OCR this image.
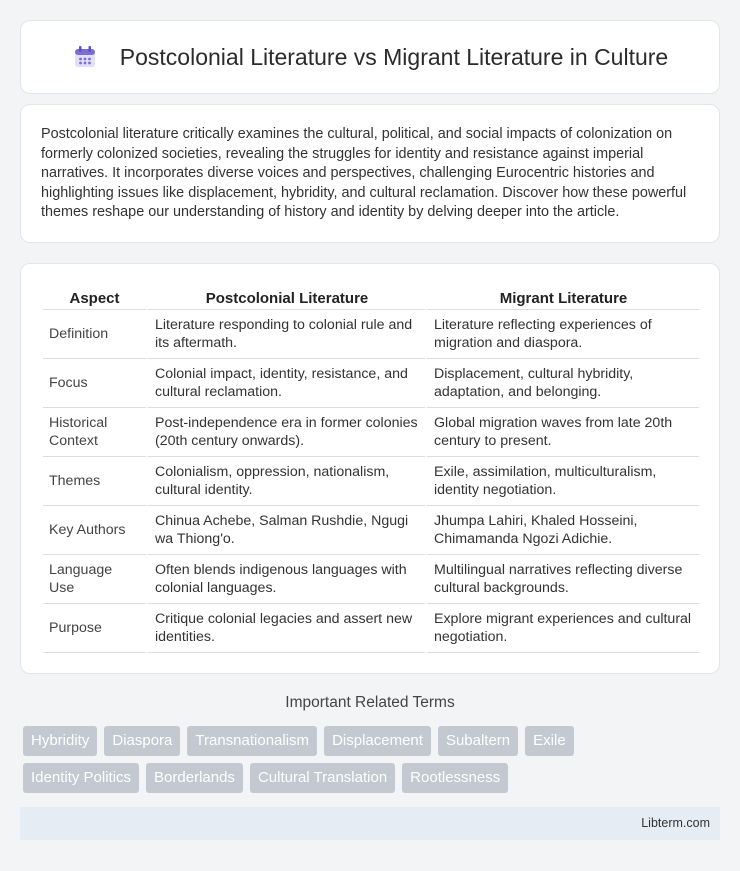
Postcolonial Literature vs Migrant Literature in Culture

Postcolonial literature critically examines the cultural, political, and social impacts of colonization on formerly colonized societies, revealing the struggles for identity and resistance against imperial narratives. It incorporates diverse voices and perspectives, challenging Eurocentric histories and highlighting issues like displacement, hybridity, and cultural reclamation. Discover how these powerful themes reshape our understanding of history and identity by delving deeper into the article.

Aspect	Postcolonial Literature	Migrant Literature
Definition	Literature responding to colonial rule and its aftermath.	Literature reflecting experiences of migration and diaspora.
Focus	Colonial impact, identity, resistance, and cultural reclamation.	Displacement, cultural hybridity, adaptation, and belonging.
Historical Context	Post-independence era in former colonies (20th century onwards).	Global migration waves from late 20th century to present.
Themes	Colonialism, oppression, nationalism, cultural identity.	Exile, assimilation, multiculturalism, identity negotiation.
Key Authors	Chinua Achebe, Salman Rushdie, Ngugi wa Thiong'o.	Jhumpa Lahiri, Khaled Hosseini, Chimamanda Ngozi Adichie.
Language Use	Often blends indigenous languages with colonial languages.	Multilingual narratives reflecting diverse cultural backgrounds.
Purpose	Critique colonial legacies and assert new identities.	Explore migrant experiences and cultural negotiation.
Important Related Terms
Hybridity	Diaspora	Transnationalism	Displacement	Subaltern	Exile
Identity Politics	Borderlands	Cultural Translation	Rootlessness
Libterm.com
